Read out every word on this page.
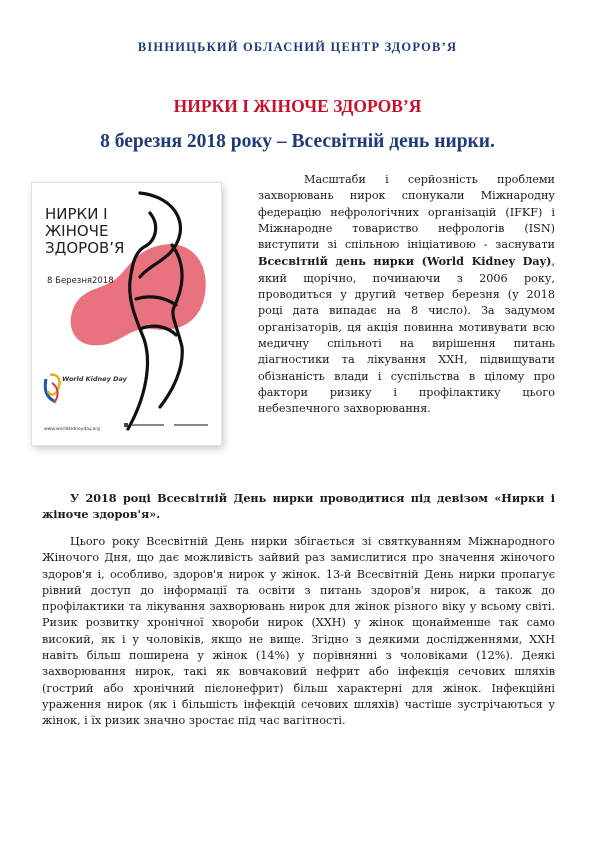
ВІННИЦЬКИЙ ОБЛАСНИЙ ЦЕНТР ЗДОРОВ’Я
НИРКИ І ЖІНОЧЕ ЗДОРОВ’Я
8 березня 2018 року – Всесвітній день нирки.
НИРКИ І ЖІНОЧЕ ЗДОРОВ’Я
8 Березня2018
World Kidney Day
www.worldkidneyday.org

Масштаби і серйозність проблеми захворювань нирок спонукали Міжнародну федерацію нефрологічних організацій (IFKF) і Міжнародне товариство нефрологів (ISN) виступити зі спільною ініціативою - заснувати Всесвітній день нирки (World Kidney Day), який щорічно, починаючи з 2006 року, проводиться у другий четвер березня (у 2018 році дата випадає на 8 число). За задумом організаторів, ця акція повинна мотивувати всю медичну спільноті на вирішення питань діагностики та лікування ХХН, підвищувати обізнаність влади і суспільства в цілому про фактори ризику і профілактику цього небезпечного захворювання.

У 2018 році Всесвітній День нирки проводитися під девізом «Нирки і жіноче здоров'я».

Цього року Всесвітній День нирки збігається зі святкуванням Міжнародного Жіночого Дня, що дає можливість зайвий раз замислитися про значення жіночого здоров'я і, особливо, здоров'я нирок у жінок. 13-й Всесвітній День нирки пропагує рівний доступ до інформації та освіти з питань здоров'я нирок, а також до профілактики та лікування захворювань нирок для жінок різного віку у всьому світі. Ризик розвитку хронічної хвороби нирок (ХХН) у жінок щонайменше так само високий, як і у чоловіків, якщо не вище. Згідно з деякими дослідженнями, ХХН навіть більш поширена у жінок (14%) у порівнянні з чоловіками (12%). Деякі захворювання нирок, такі як вовчаковий нефрит або інфекція сечових шляхів (гострий або хронічний пієлонефрит) більш характерні для жінок. Інфекційні ураження нирок (як і більшість інфекцій сечових шляхів) частіше зустрічаються у жінок, і їх ризик значно зростає під час вагітності.
